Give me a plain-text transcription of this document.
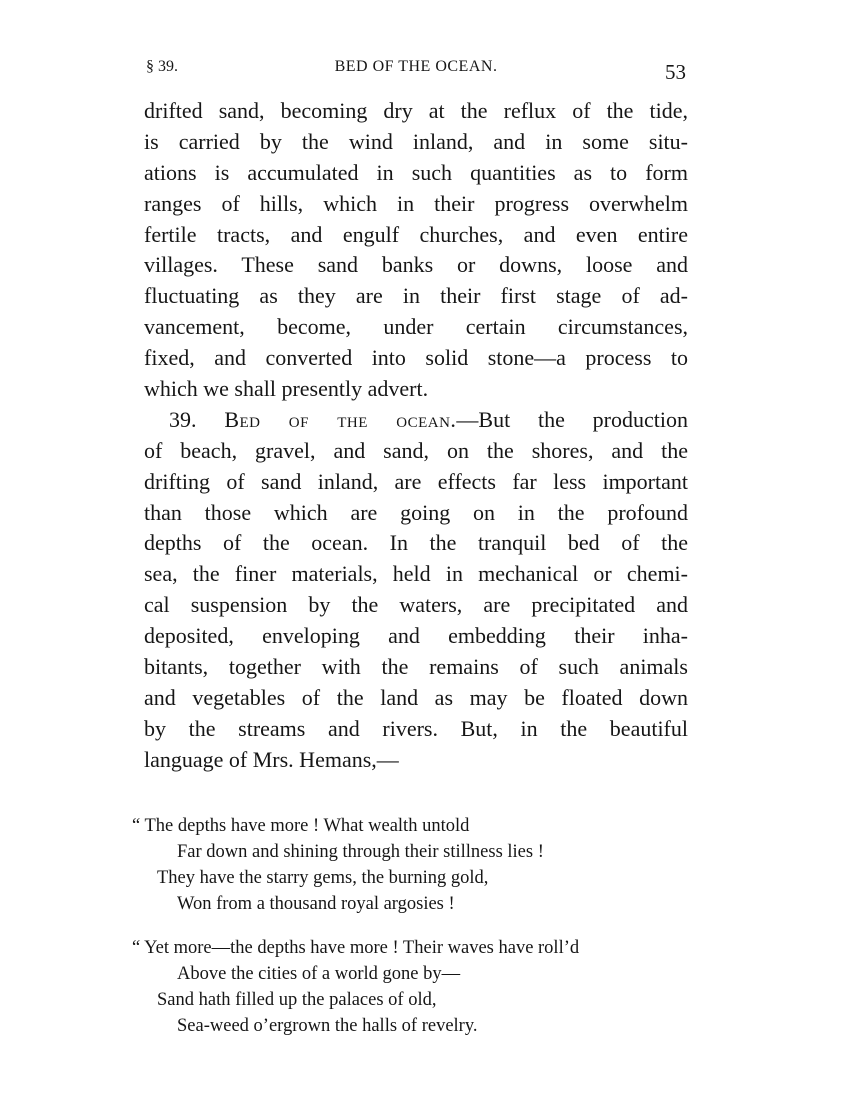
§ 39.	BED OF THE OCEAN.	53
drifted sand, becoming dry at the reflux of the tide,
is carried by the wind inland, and in some situ-
ations is accumulated in such quantities as to form
ranges of hills, which in their progress overwhelm
fertile tracts, and engulf churches, and even entire
villages. These sand banks or downs, loose and
fluctuating as they are in their first stage of ad-
vancement, become, under certain circumstances,
fixed, and converted into solid stone—a process to
which we shall presently advert.
39. Bed of the ocean.—But the production
of beach, gravel, and sand, on the shores, and the
drifting of sand inland, are effects far less important
than those which are going on in the profound
depths of the ocean. In the tranquil bed of the
sea, the finer materials, held in mechanical or chemi-
cal suspension by the waters, are precipitated and
deposited, enveloping and embedding their inha-
bitants, together with the remains of such animals
and vegetables of the land as may be floated down
by the streams and rivers. But, in the beautiful
language of Mrs. Hemans,—
“ The depths have more ! What wealth untold
Far down and shining through their stillness lies !
They have the starry gems, the burning gold,
Won from a thousand royal argosies !
“ Yet more—the depths have more ! Their waves have roll’d
Above the cities of a world gone by—
Sand hath filled up the palaces of old,
Sea-weed o’ergrown the halls of revelry.
